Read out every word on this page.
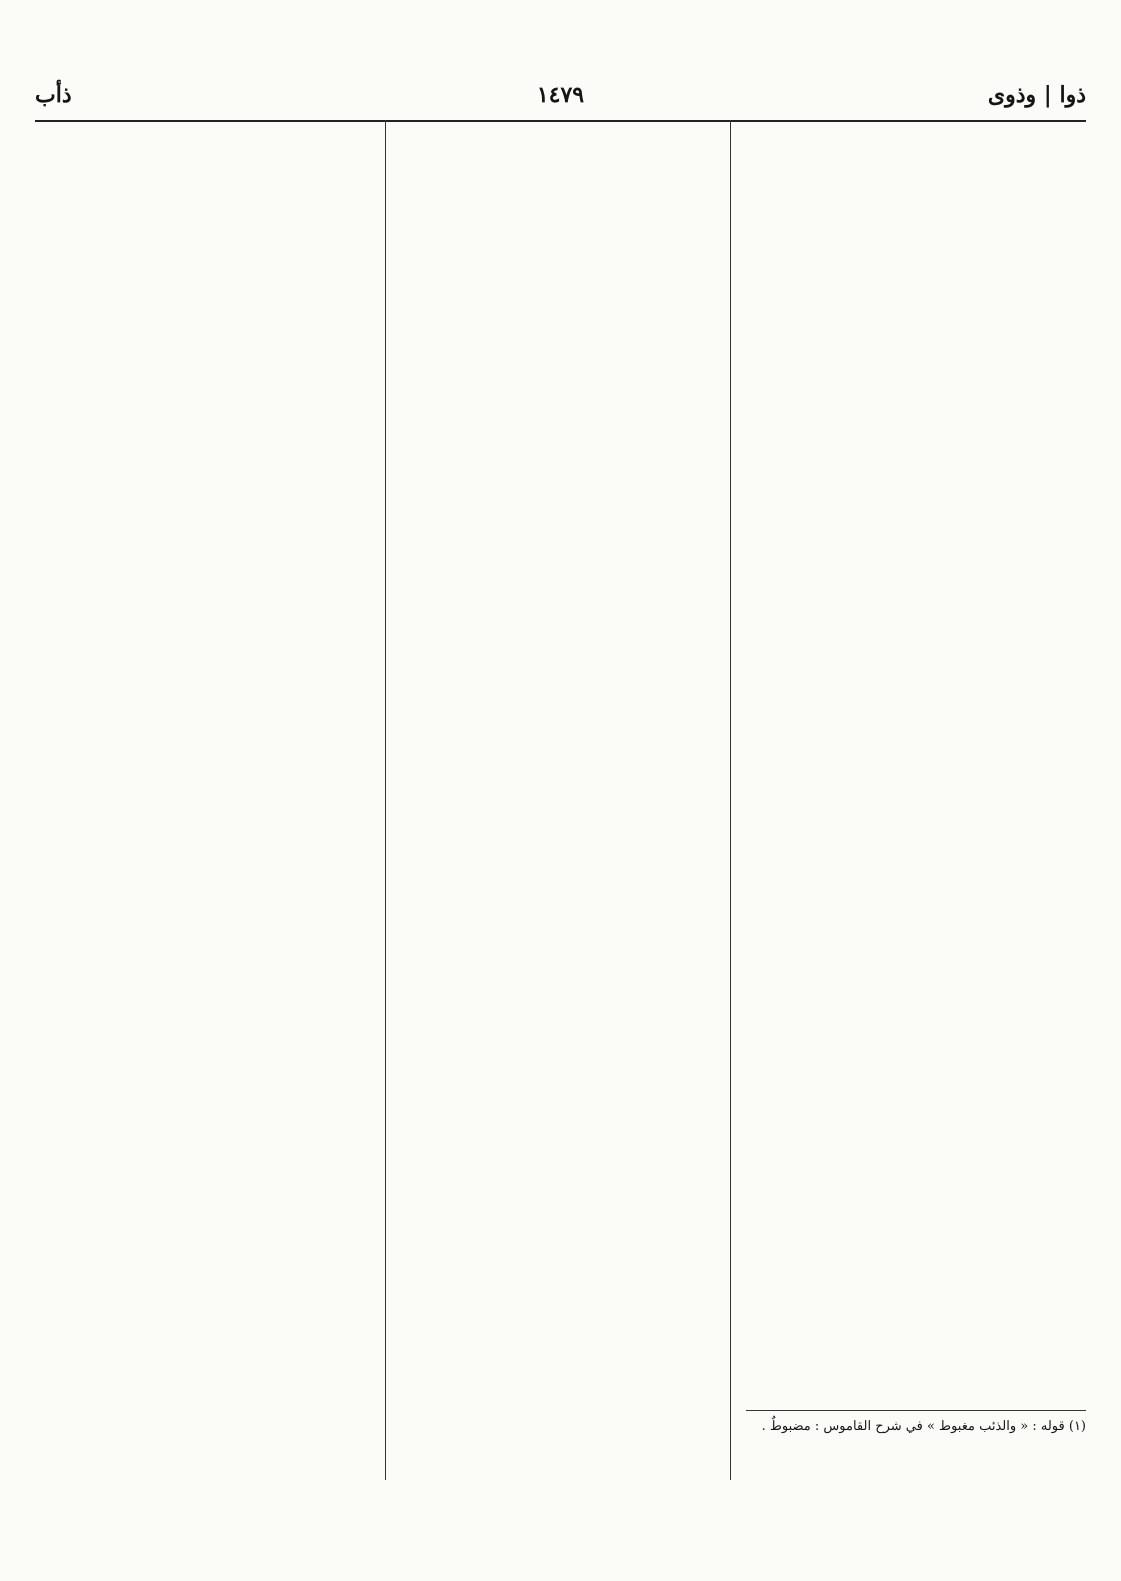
ذوا | وذوى
١٤٧٩
ذأب
(١) قوله : « والذئب مغبوط » في شرح القاموس : مضبوطٌ .
